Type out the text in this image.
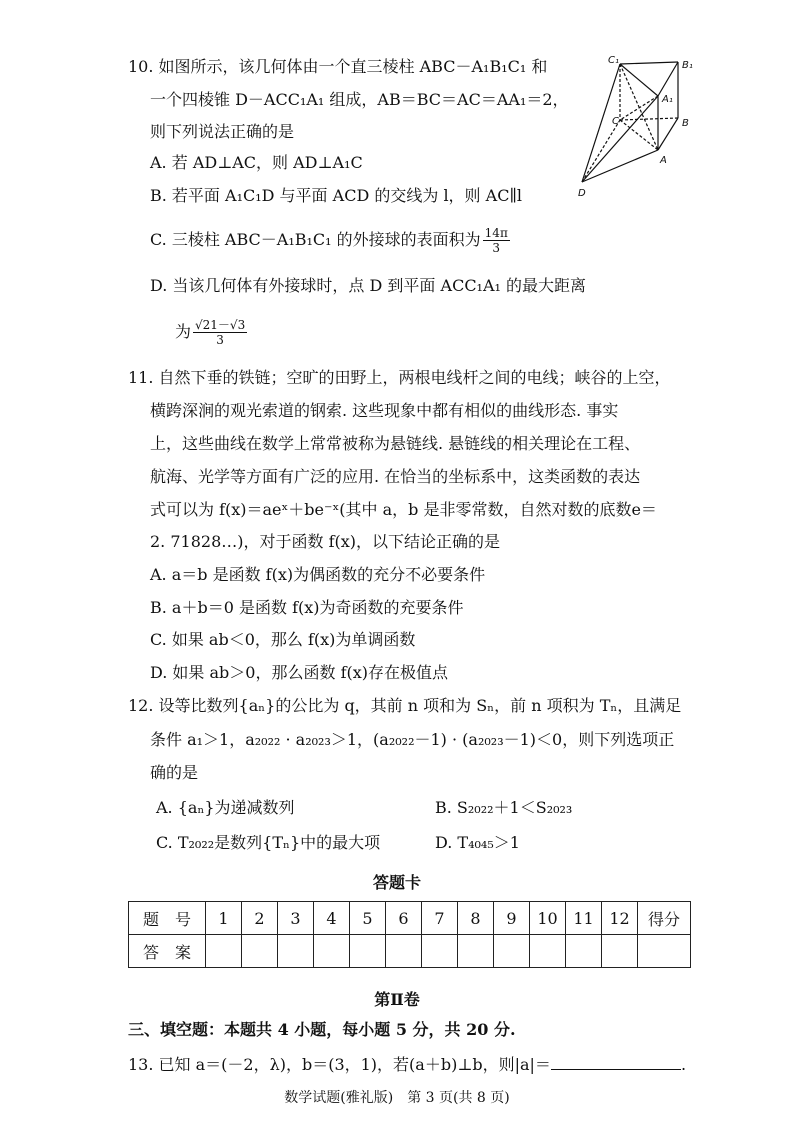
10. 如图所示，该几何体由一个直三棱柱 ABC－A₁B₁C₁ 和
一个四棱锥 D－ACC₁A₁ 组成，AB＝BC＝AC＝AA₁＝2，
则下列说法正确的是
A. 若 AD⊥AC，则 AD⊥A₁C
B. 若平面 A₁C₁D 与平面 ACD 的交线为 l，则 AC∥l
C. 三棱柱 ABC－A₁B₁C₁ 的外接球的表面积为 $\frac{14\pi}{3}$
D. 当该几何体有外接球时，点 D 到平面 ACC₁A₁ 的最大距离
为 $\frac{√21-√3}{3}$
C₁	B₁
A₁
C	B
A
D
11. 自然下垂的铁链；空旷的田野上，两根电线杆之间的电线；峡谷的上空，
横跨深涧的观光索道的钢索. 这些现象中都有相似的曲线形态. 事实
上，这些曲线在数学上常常被称为悬链线. 悬链线的相关理论在工程、
航海、光学等方面有广泛的应用. 在恰当的坐标系中，这类函数的表达
式可以为 f(x)＝aeˣ＋be⁻ˣ(其中 a，b 是非零常数，自然对数的底数e＝
2. 71828…)，对于函数 f(x)，以下结论正确的是
A. a＝b 是函数 f(x)为偶函数的充分不必要条件
B. a＋b＝0 是函数 f(x)为奇函数的充要条件
C. 如果 ab＜0，那么 f(x)为单调函数
D. 如果 ab＞0，那么函数 f(x)存在极值点
12. 设等比数列{aₙ}的公比为 q，其前 n 项和为 Sₙ，前 n 项积为 Tₙ，且满足
条件 a₁＞1，a₂₀₂₂ · a₂₀₂₃＞1，(a₂₀₂₂－1) · (a₂₀₂₃－1)＜0，则下列选项正
确的是
A. {aₙ}为递减数列	B. S₂₀₂₂＋1＜S₂₀₂₃
C. T₂₀₂₂是数列{Tₙ}中的最大项	D. T₄₀₄₅＞1
答题卡
题　号	1	2	3	4	5	6	7	8	9	10	11	12	得分
答　案													
第Ⅱ卷
三、填空题：本题共 4 小题，每小题 5 分，共 20 分.
13. 已知 a＝(－2，λ)，b＝(3，1)，若(a＋b)⊥b，则|a|＝	.
数学试题(雅礼版)　第 3 页(共 8 页)
